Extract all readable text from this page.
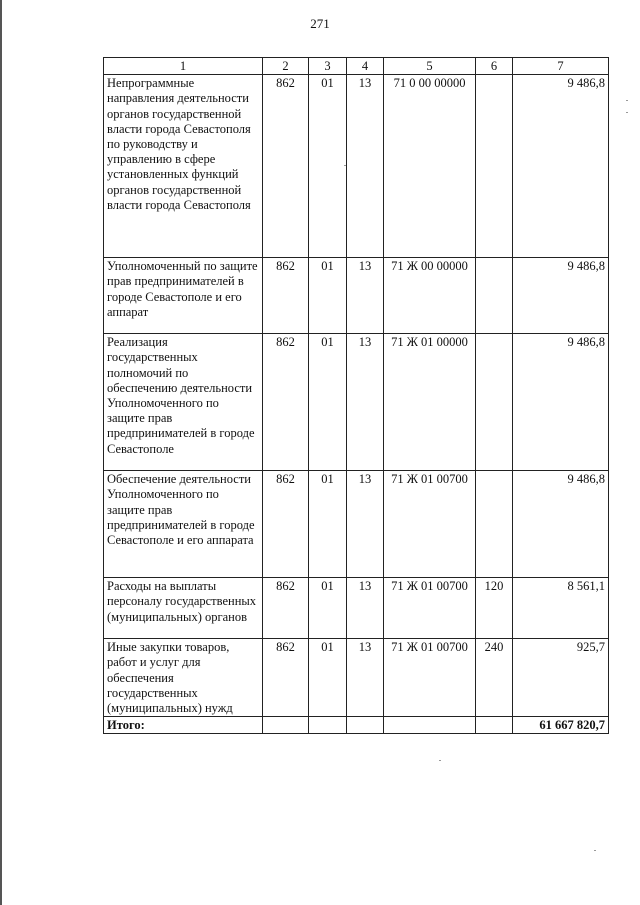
271
1	2	3	4	5	6	7
Непрограммные направления деятельности органов государственной власти города Севастополя по руководству и управлению в сфере установленных функций органов государственной власти города Севастополя	862	01	13	71 0 00 00000		9 486,8
Уполномоченный по защите прав предпринимателей в городе Севастополе и его аппарат	862	01	13	71 Ж 00 00000		9 486,8
Реализация государственных полномочий по обеспечению деятельности Уполномоченного по защите прав предпринимателей в городе Севастополе	862	01	13	71 Ж 01 00000		9 486,8
Обеспечение деятельности Уполномоченного по защите прав предпринимателей в городе Севастополе и его аппарата	862	01	13	71 Ж 01 00700		9 486,8
Расходы на выплаты персоналу государственных (муниципальных) органов	862	01	13	71 Ж 01 00700	120	8 561,1
Иные закупки товаров, работ и услуг для обеспечения государственных (муниципальных) нужд	862	01	13	71 Ж 01 00700	240	925,7
Итого:						61 667 820,7
